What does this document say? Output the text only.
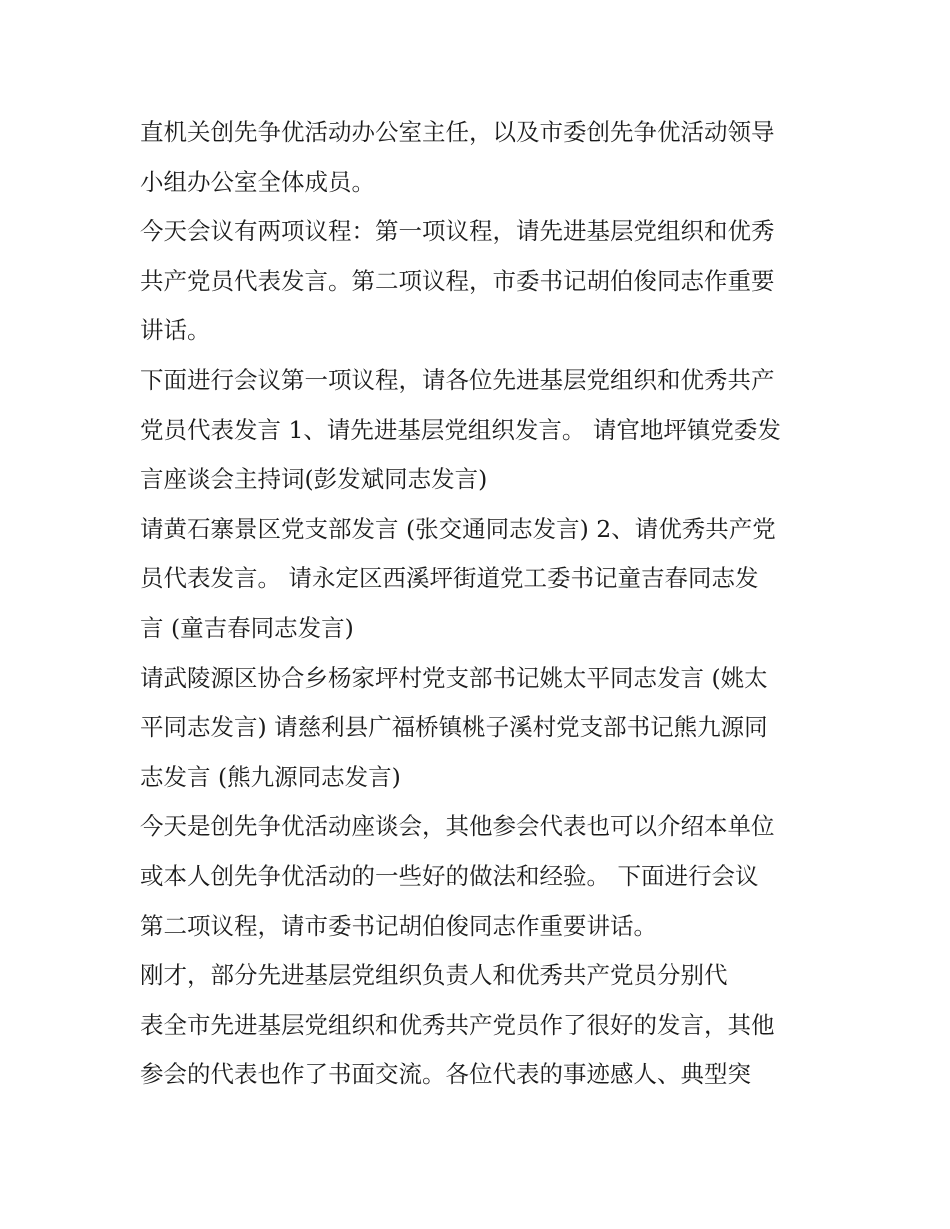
直机关创先争优活动办公室主任，以及市委创先争优活动领导
小组办公室全体成员。
今天会议有两项议程：第一项议程，请先进基层党组织和优秀
共产党员代表发言。第二项议程，市委书记胡伯俊同志作重要
讲话。
下面进行会议第一项议程，请各位先进基层党组织和优秀共产
党员代表发言 1、请先进基层党组织发言。 请官地坪镇党委发
言座谈会主持词(彭发斌同志发言)
请黄石寨景区党支部发言 (张交通同志发言) 2、请优秀共产党
员代表发言。 请永定区西溪坪街道党工委书记童吉春同志发
言 (童吉春同志发言)
请武陵源区协合乡杨家坪村党支部书记姚太平同志发言 (姚太
平同志发言) 请慈利县广福桥镇桃子溪村党支部书记熊九源同
志发言 (熊九源同志发言)
今天是创先争优活动座谈会，其他参会代表也可以介绍本单位
或本人创先争优活动的一些好的做法和经验。 下面进行会议
第二项议程，请市委书记胡伯俊同志作重要讲话。
刚才，部分先进基层党组织负责人和优秀共产党员分别代
表全市先进基层党组织和优秀共产党员作了很好的发言，其他
参会的代表也作了书面交流。各位代表的事迹感人、典型突
